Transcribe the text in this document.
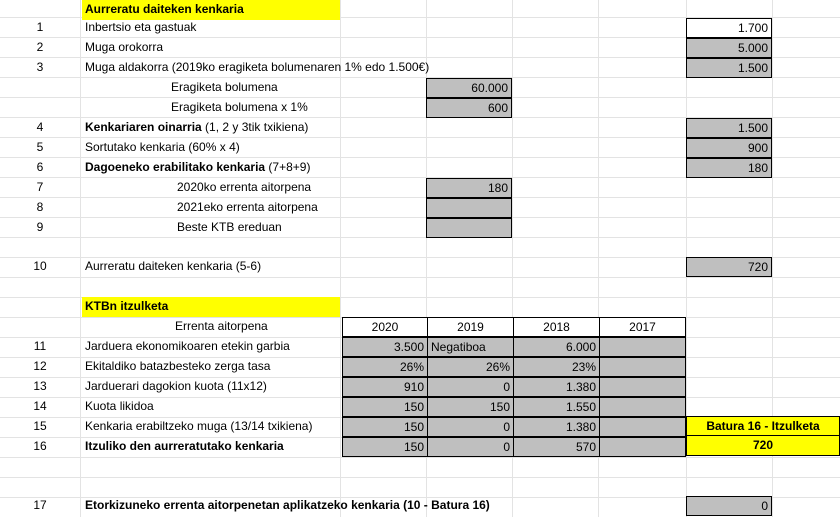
Aurreratu daiteken kenkaria
1	Inbertsio eta gastuak	1.700
2	Muga orokorra	5.000
3	Muga aldakorra (2019ko eragiketa bolumenaren 1% edo 1.500€)	1.500
Eragiketa bolumena	60.000
Eragiketa bolumena x 1%	600
4	Kenkariaren oinarria (1, 2 y 3tik txikiena)	1.500
5	Sortutako kenkaria (60% x 4)	900
6	Dagoeneko erabilitako kenkaria (7+8+9)	180
7	2020ko errenta aitorpena	180
8	2021eko errenta aitorpena
9	Beste KTB ereduan
10	Aurreratu daiteken kenkaria (5-6)	720
KTBn itzulketa
Errenta aitorpena	2020	2019	2018	2017
11	Jarduera ekonomikoaren etekin garbia	3.500 Negatiboa	6.000
12	Ekitaldiko batazbesteko zerga tasa	26%	26%	23%
13	Jarduerari dagokion kuota (11x12)	910	0	1.380
14	Kuota likidoa	150	150	1.550
15	Kenkaria erabiltzeko muga (13/14 txikiena)	150	0	1.380
16	Itzuliko den aurreratutako kenkaria	150	0	570
Batura 16 - Itzulketa
720
17	Etorkizuneko errenta aitorpenetan aplikatzeko kenkaria (10 - Batura 16)	0
